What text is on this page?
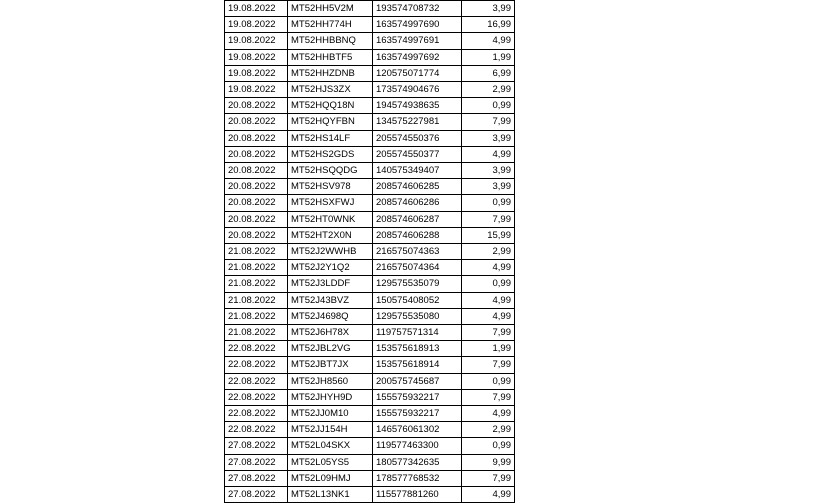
19.08.2022	MT52HH5V2M	193574708732	3,99
19.08.2022	MT52HH774H	163574997690	16,99
19.08.2022	MT52HHBBNQ	163574997691	4,99
19.08.2022	MT52HHBTF5	163574997692	1,99
19.08.2022	MT52HHZDNB	120575071774	6,99
19.08.2022	MT52HJS3ZX	173574904676	2,99
20.08.2022	MT52HQQ18N	194574938635	0,99
20.08.2022	MT52HQYFBN	134575227981	7,99
20.08.2022	MT52HS14LF	205574550376	3,99
20.08.2022	MT52HS2GDS	205574550377	4,99
20.08.2022	MT52HSQQDG	140575349407	3,99
20.08.2022	MT52HSV978	208574606285	3,99
20.08.2022	MT52HSXFWJ	208574606286	0,99
20.08.2022	MT52HT0WNK	208574606287	7,99
20.08.2022	MT52HT2X0N	208574606288	15,99
21.08.2022	MT52J2WWHB	216575074363	2,99
21.08.2022	MT52J2Y1Q2	216575074364	4,99
21.08.2022	MT52J3LDDF	129575535079	0,99
21.08.2022	MT52J43BVZ	150575408052	4,99
21.08.2022	MT52J4698Q	129575535080	4,99
21.08.2022	MT52J6H78X	119757571314	7,99
22.08.2022	MT52JBL2VG	153575618913	1,99
22.08.2022	MT52JBT7JX	153575618914	7,99
22.08.2022	MT52JH8560	200575745687	0,99
22.08.2022	MT52JHYH9D	155575932217	7,99
22.08.2022	MT52JJ0M10	155575932217	4,99
22.08.2022	MT52JJ154H	146576061302	2,99
27.08.2022	MT52L04SKX	119577463300	0,99
27.08.2022	MT52L05YS5	180577342635	9,99
27.08.2022	MT52L09HMJ	178577768532	7,99
27.08.2022	MT52L13NK1	115577881260	4,99
